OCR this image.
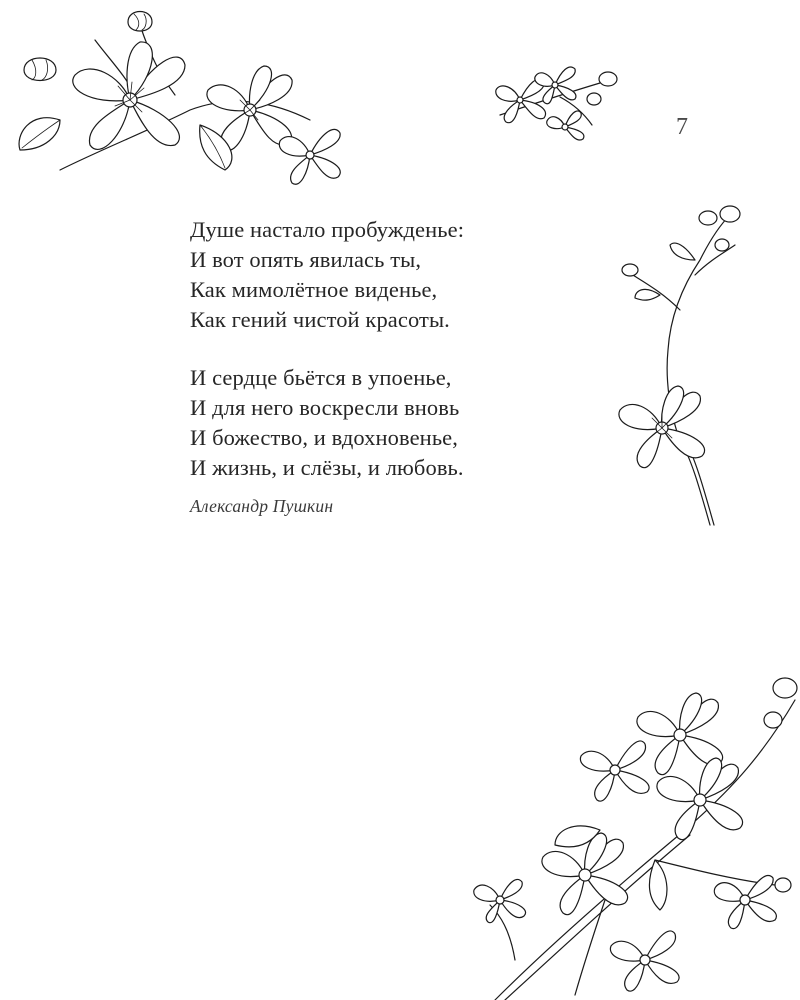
7
Душе настало пробужденье:
И вот опять явилась ты,
Как мимолётное виденье,
Как гений чистой красоты.
И сердце бьётся в упоенье,
И для него воскресли вновь
И божество, и вдохновенье,
И жизнь, и слёзы, и любовь.
Александр Пушкин
